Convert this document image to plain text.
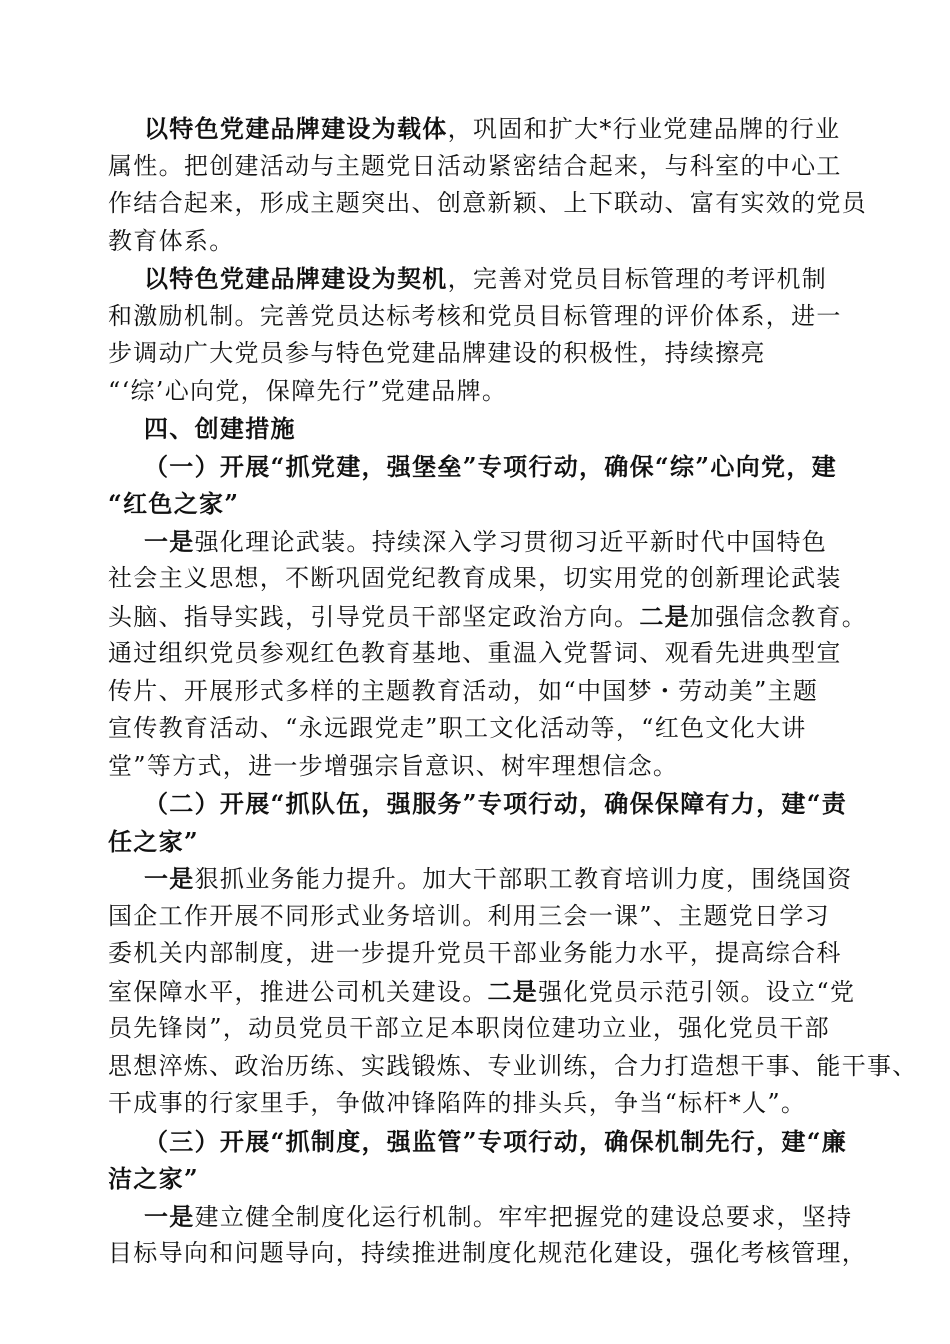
以特色党建品牌建设为载体，巩固和扩大*行业党建品牌的行业
属性。把创建活动与主题党日活动紧密结合起来，与科室的中心工
作结合起来，形成主题突出、创意新颖、上下联动、富有实效的党员
教育体系。
以特色党建品牌建设为契机，完善对党员目标管理的考评机制
和激励机制。完善党员达标考核和党员目标管理的评价体系，进一
步调动广大党员参与特色党建品牌建设的积极性，持续擦亮
“‘综’心向党，保障先行”党建品牌。
四、创建措施
（一）开展“抓党建，强堡垒”专项行动，确保“综”心向党，建
“红色之家”
一是强化理论武装。持续深入学习贯彻习近平新时代中国特色
社会主义思想，不断巩固党纪教育成果，切实用党的创新理论武装
头脑、指导实践，引导党员干部坚定政治方向。二是加强信念教育。
通过组织党员参观红色教育基地、重温入党誓词、观看先进典型宣
传片、开展形式多样的主题教育活动，如“中国梦・劳动美”主题
宣传教育活动、“永远跟党走”职工文化活动等，“红色文化大讲
堂”等方式，进一步增强宗旨意识、树牢理想信念。
（二）开展“抓队伍，强服务”专项行动，确保保障有力，建“责
任之家”
一是狠抓业务能力提升。加大干部职工教育培训力度，围绕国资
国企工作开展不同形式业务培训。利用三会一课”、主题党日学习
委机关内部制度，进一步提升党员干部业务能力水平，提高综合科
室保障水平，推进公司机关建设。二是强化党员示范引领。设立“党
员先锋岗”，动员党员干部立足本职岗位建功立业，强化党员干部
思想淬炼、政治历练、实践锻炼、专业训练，合力打造想干事、能干事、
干成事的行家里手，争做冲锋陷阵的排头兵，争当“标杆*人”。
（三）开展“抓制度，强监管”专项行动，确保机制先行，建“廉
洁之家”
一是建立健全制度化运行机制。牢牢把握党的建设总要求，坚持
目标导向和问题导向，持续推进制度化规范化建设，强化考核管理，
